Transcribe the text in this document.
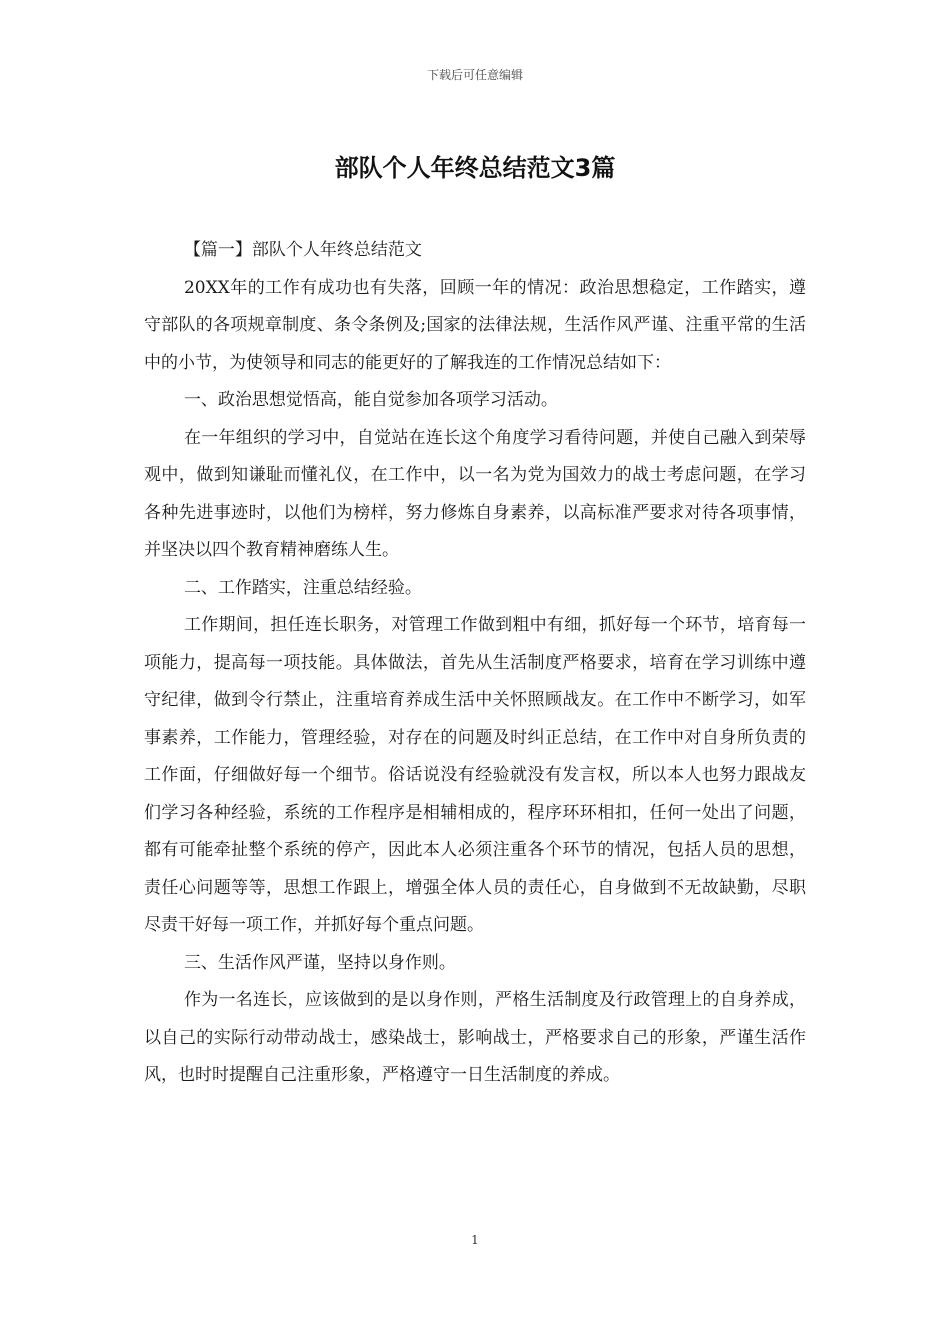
下载后可任意编辑
部队个人年终总结范文3篇

【篇一】部队个人年终总结范文

20XX年的工作有成功也有失落，回顾一年的情况：政治思想稳定，工作踏实，遵守部队的各项规章制度、条令条例及;国家的法律法规，生活作风严谨、注重平常的生活中的小节，为使领导和同志的能更好的了解我连的工作情况总结如下：

一、政治思想觉悟高，能自觉参加各项学习活动。

在一年组织的学习中，自觉站在连长这个角度学习看待问题，并使自己融入到荣辱观中，做到知谦耻而懂礼仪，在工作中，以一名为党为国效力的战士考虑问题，在学习各种先进事迹时，以他们为榜样，努力修炼自身素养，以高标准严要求对待各项事情，并坚决以四个教育精神磨练人生。

二、工作踏实，注重总结经验。

工作期间，担任连长职务，对管理工作做到粗中有细，抓好每一个环节，培育每一项能力，提高每一项技能。具体做法，首先从生活制度严格要求，培育在学习训练中遵守纪律，做到令行禁止，注重培育养成生活中关怀照顾战友。在工作中不断学习，如军事素养，工作能力，管理经验，对存在的问题及时纠正总结，在工作中对自身所负责的工作面，仔细做好每一个细节。俗话说没有经验就没有发言权，所以本人也努力跟战友们学习各种经验，系统的工作程序是相辅相成的，程序环环相扣，任何一处出了问题，都有可能牵扯整个系统的停产，因此本人必须注重各个环节的情况，包括人员的思想，责任心问题等等，思想工作跟上，增强全体人员的责任心，自身做到不无故缺勤，尽职尽责干好每一项工作，并抓好每个重点问题。

三、生活作风严谨，坚持以身作则。

作为一名连长，应该做到的是以身作则，严格生活制度及行政管理上的自身养成，以自己的实际行动带动战士，感染战士，影响战士，严格要求自己的形象，严谨生活作风，也时时提醒自己注重形象，严格遵守一日生活制度的养成。

1
